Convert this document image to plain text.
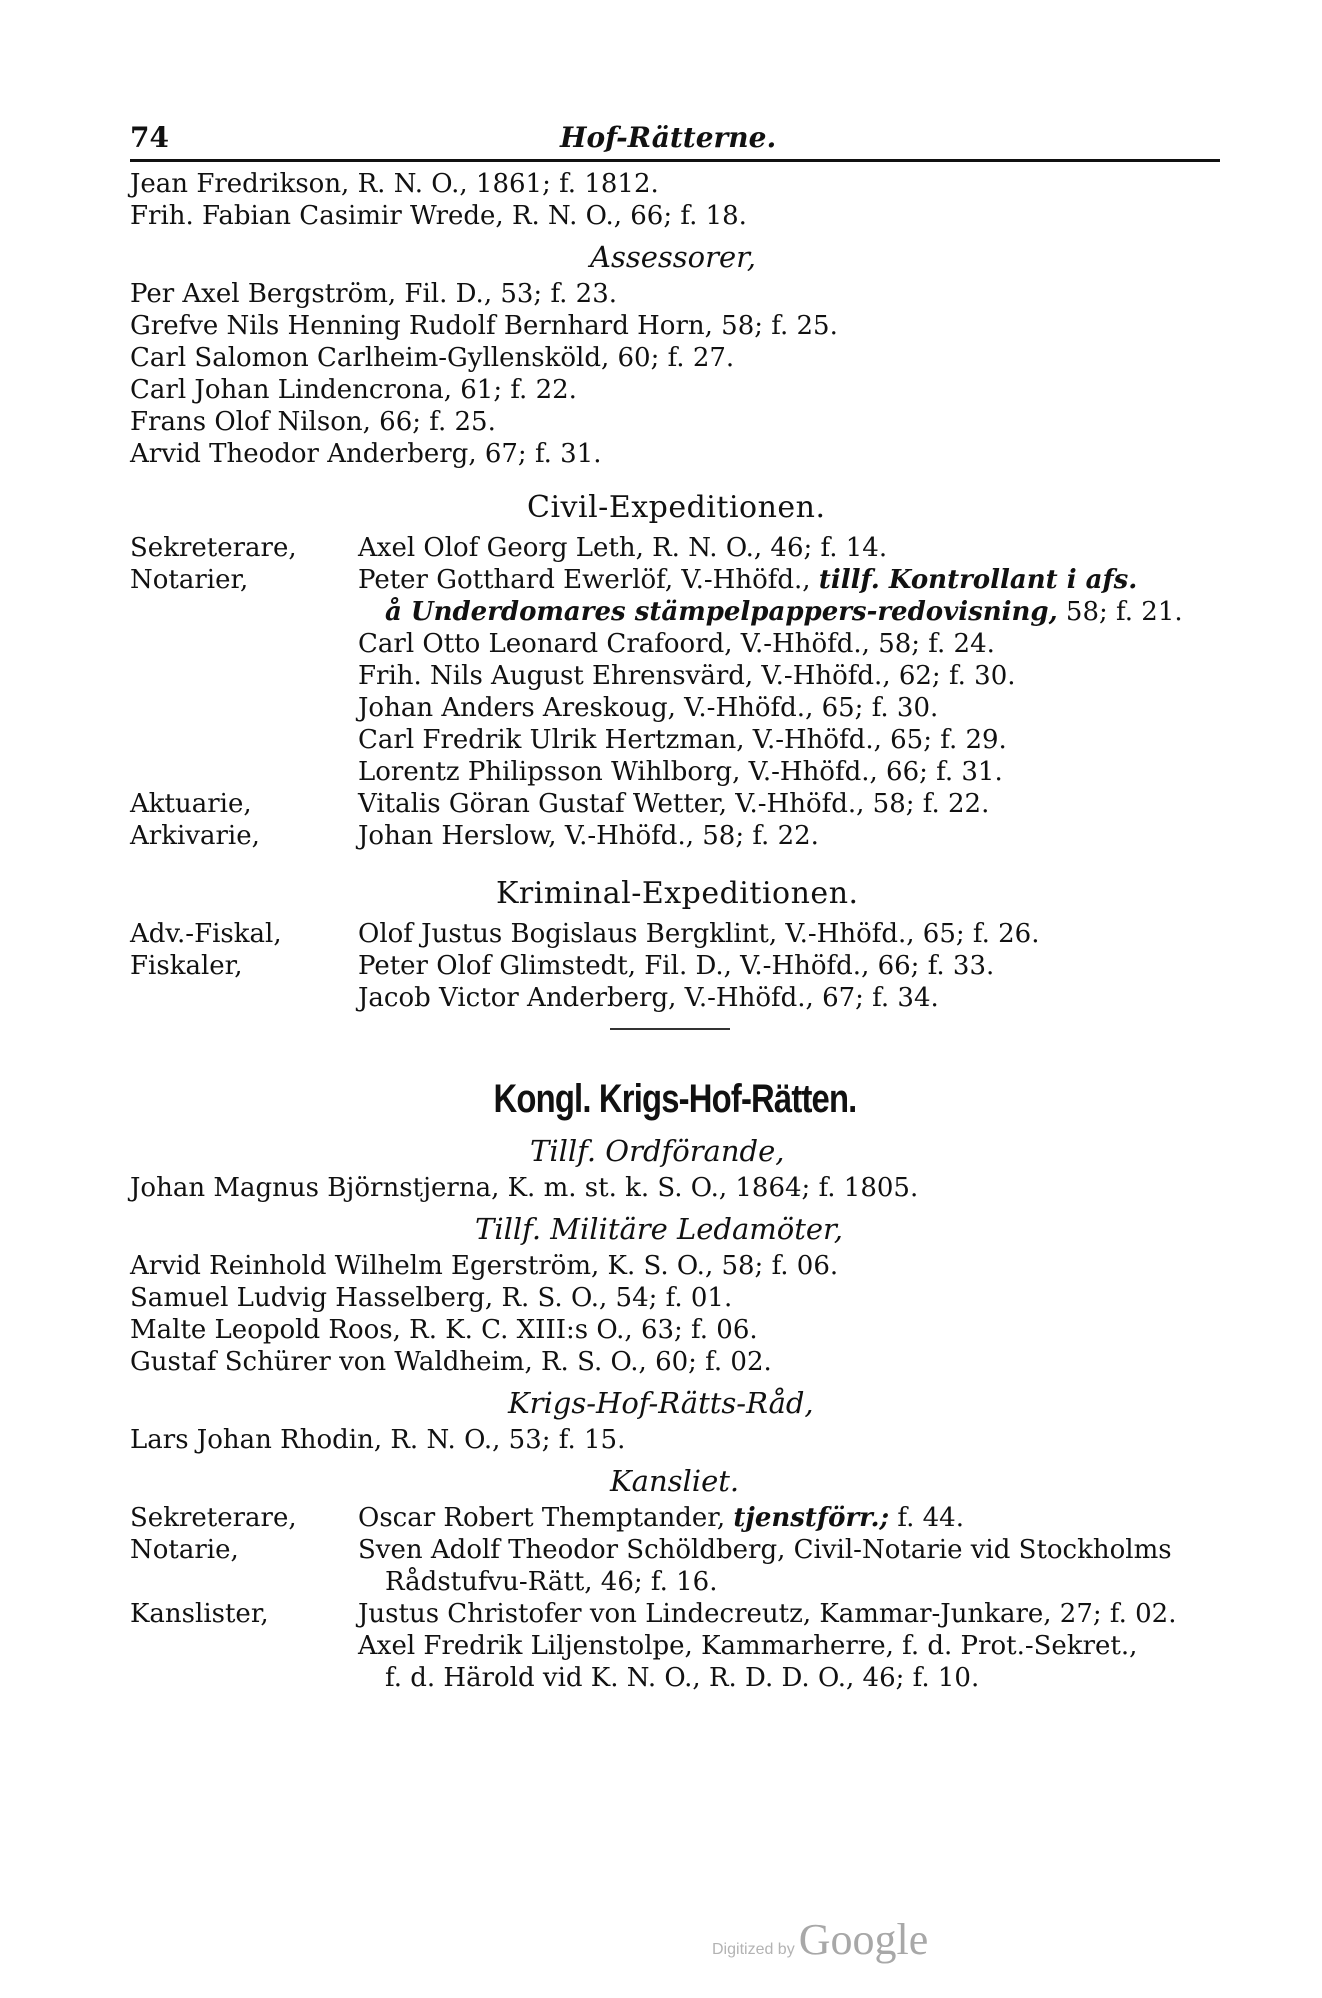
74	Hof-Rätterne.
Jean Fredrikson, R. N. O., 1861; f. 1812.
Frih. Fabian Casimir Wrede, R. N. O., 66; f. 18.
Assessorer,
Per Axel Bergström, Fil. D., 53; f. 23.
Grefve Nils Henning Rudolf Bernhard Horn, 58; f. 25.
Carl Salomon Carlheim-Gyllensköld, 60; f. 27.
Carl Johan Lindencrona, 61; f. 22.
Frans Olof Nilson, 66; f. 25.
Arvid Theodor Anderberg, 67; f. 31.
Civil-Expeditionen.
Sekreterare,	Axel Olof Georg Leth, R. N. O., 46; f. 14.
Notarier,	Peter Gotthard Ewerlöf, V.-Hhöfd., tillf. Kontrollant i afs.
å Underdomares stämpelpappers-redovisning, 58; f. 21.
Carl Otto Leonard Crafoord, V.-Hhöfd., 58; f. 24.
Frih. Nils August Ehrensvärd, V.-Hhöfd., 62; f. 30.
Johan Anders Areskoug, V.-Hhöfd., 65; f. 30.
Carl Fredrik Ulrik Hertzman, V.-Hhöfd., 65; f. 29.
Lorentz Philipsson Wihlborg, V.-Hhöfd., 66; f. 31.
Aktuarie,	Vitalis Göran Gustaf Wetter, V.-Hhöfd., 58; f. 22.
Arkivarie,	Johan Herslow, V.-Hhöfd., 58; f. 22.
Kriminal-Expeditionen.
Adv.-Fiskal,	Olof Justus Bogislaus Bergklint, V.-Hhöfd., 65; f. 26.
Fiskaler,	Peter Olof Glimstedt, Fil. D., V.-Hhöfd., 66; f. 33.
Jacob Victor Anderberg, V.-Hhöfd., 67; f. 34.
Kongl. Krigs-Hof-Rätten.
Tillf. Ordförande,
Johan Magnus Björnstjerna, K. m. st. k. S. O., 1864; f. 1805.
Tillf. Militäre Ledamöter,
Arvid Reinhold Wilhelm Egerström, K. S. O., 58; f. 06.
Samuel Ludvig Hasselberg, R. S. O., 54; f. 01.
Malte Leopold Roos, R. K. C. XIII:s O., 63; f. 06.
Gustaf Schürer von Waldheim, R. S. O., 60; f. 02.
Krigs-Hof-Rätts-Råd,
Lars Johan Rhodin, R. N. O., 53; f. 15.
Kansliet.
Sekreterare,	Oscar Robert Themptander, tjenstförr.; f. 44.
Notarie,	Sven Adolf Theodor Schöldberg, Civil-Notarie vid Stockholms
Rådstufvu-Rätt, 46; f. 16.
Kanslister,	Justus Christofer von Lindecreutz, Kammar-Junkare, 27; f. 02.
Axel Fredrik Liljenstolpe, Kammarherre, f. d. Prot.-Sekret.,
f. d. Härold vid K. N. O., R. D. D. O., 46; f. 10.
Digitized byGoogle
